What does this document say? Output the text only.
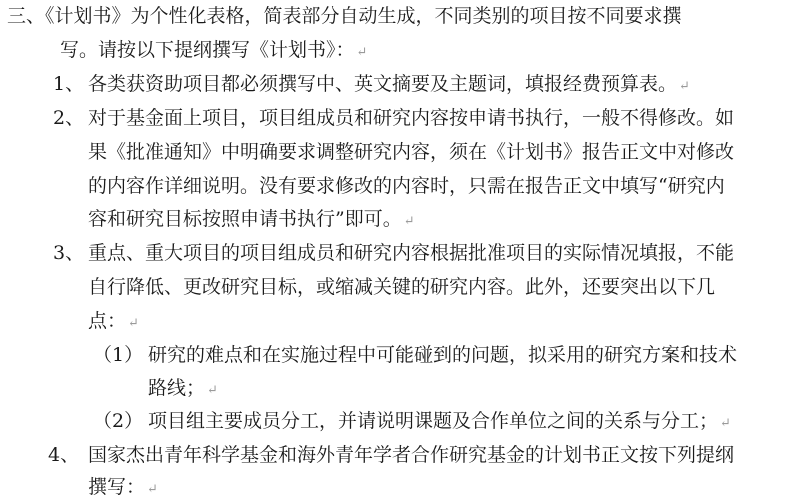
三、《计划书》为个性化表格，简表部分自动生成，不同类别的项目按不同要求撰
写。请按以下提纲撰写《计划书》： ↵
1、 各类获资助项目都必须撰写中、英文摘要及主题词，填报经费预算表。 ↵
2、 对于基金面上项目，项目组成员和研究内容按申请书执行，一般不得修改。如
果《批准通知》中明确要求调整研究内容，须在《计划书》报告正文中对修改
的内容作详细说明。没有要求修改的内容时，只需在报告正文中填写“研究内
容和研究目标按照申请书执行”即可。 ↵
3、 重点、重大项目的项目组成员和研究内容根据批准项目的实际情况填报，不能
自行降低、更改研究目标，或缩减关键的研究内容。此外，还要突出以下几
点： ↵
（1） 研究的难点和在实施过程中可能碰到的问题，拟采用的研究方案和技术
路线； ↵
（2） 项目组主要成员分工，并请说明课题及合作单位之间的关系与分工； ↵
4、 国家杰出青年科学基金和海外青年学者合作研究基金的计划书正文按下列提纲
撰写： ↵
